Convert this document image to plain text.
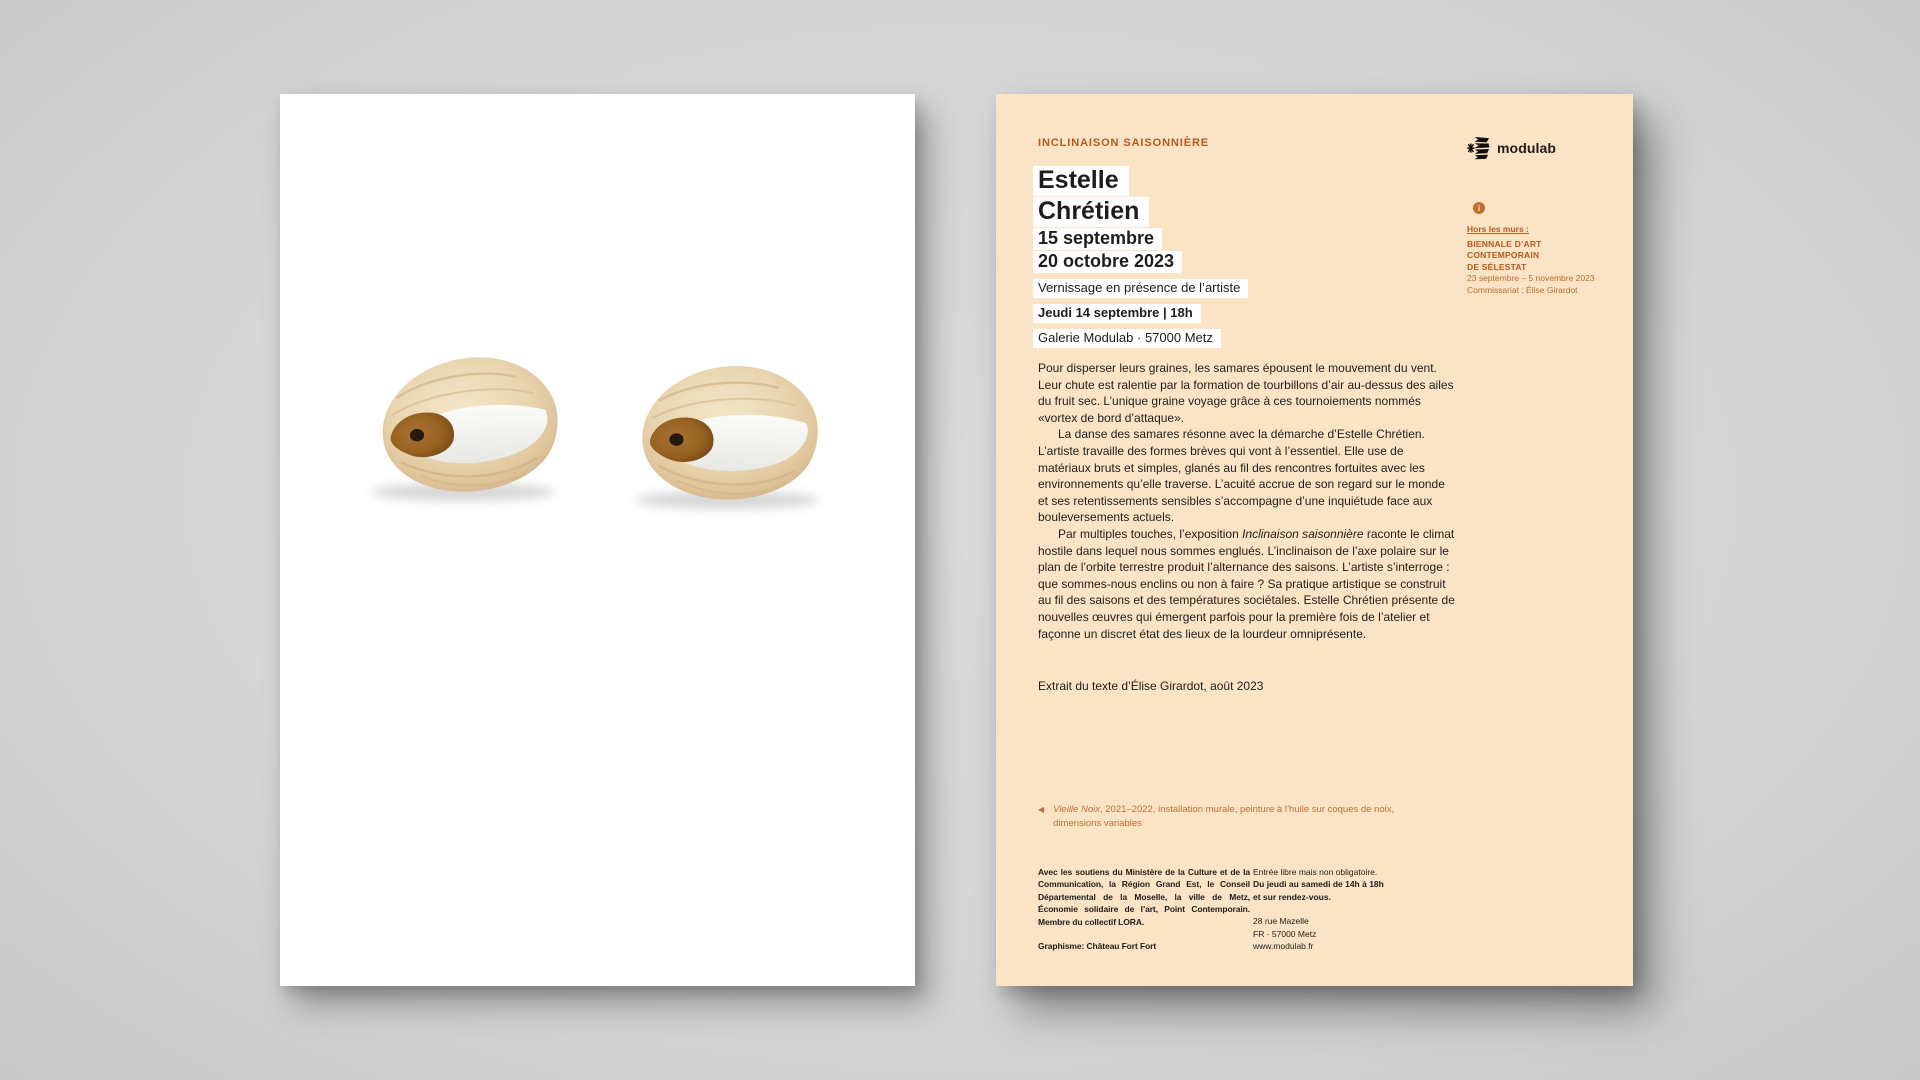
INCLINAISON SAISONNIÈRE
Estelle
Chrétien
15 septembre
20 octobre 2023
Vernissage en présence de l’artiste
Jeudi 14 septembre | 18h
Galerie Modulab · 57000 Metz
modulab
i
Hors les murs :
BIENNALE D’ART
CONTEMPORAIN
DE SÉLESTAT
23 septembre – 5 novembre 2023
Commissariat : Élise Girardot

Pour disperser leurs graines, les samares épousent le mouvement du vent. Leur chute est ralentie par la formation de tourbillons d’air au-dessus des ailes du fruit sec. L’unique graine voyage grâce à ces tournoiements nommés «vortex de bord d’attaque».

La danse des samares résonne avec la démarche d’Estelle Chrétien. L’artiste travaille des formes brèves qui vont à l’essentiel. Elle use de matériaux bruts et simples, glanés au fil des rencontres fortuites avec les environnements qu’elle traverse. L’acuité accrue de son regard sur le monde et ses retentissements sensibles s’accompagne d’une inquiétude face aux bouleversements actuels.

Par multiples touches, l’exposition Inclinaison saisonnière raconte le climat hostile dans lequel nous sommes englués. L’inclinaison de l’axe polaire sur le plan de l’orbite terrestre produit l’alternance des saisons. L’artiste s’interroge : que sommes-nous enclins ou non à faire ? Sa pratique artistique se construit au fil des saisons et des températures sociétales. Estelle Chrétien présente de nouvelles œuvres qui émergent parfois pour la première fois de l’atelier et façonne un discret état des lieux de la lourdeur omniprésente.

Extrait du texte d’Élise Girardot, août 2023
◀ Vieille Noix, 2021–2022, installation murale, peinture à l’huile sur coques de noix, dimensions variables
Avec les soutiens du Ministère de la Culture et de la Communication, la Région Grand Est, le Conseil Départemental de la Moselle, la ville de Metz, Économie solidaire de l’art, Point Contemporain. Membre du collectif LORA.
Graphisme: Château Fort Fort
Entrée libre mais non obligatoire.
Du jeudi au samedi de 14h à 18h
et sur rendez-vous.
28 rue Mazelle
FR · 57000 Metz
www.modulab.fr
